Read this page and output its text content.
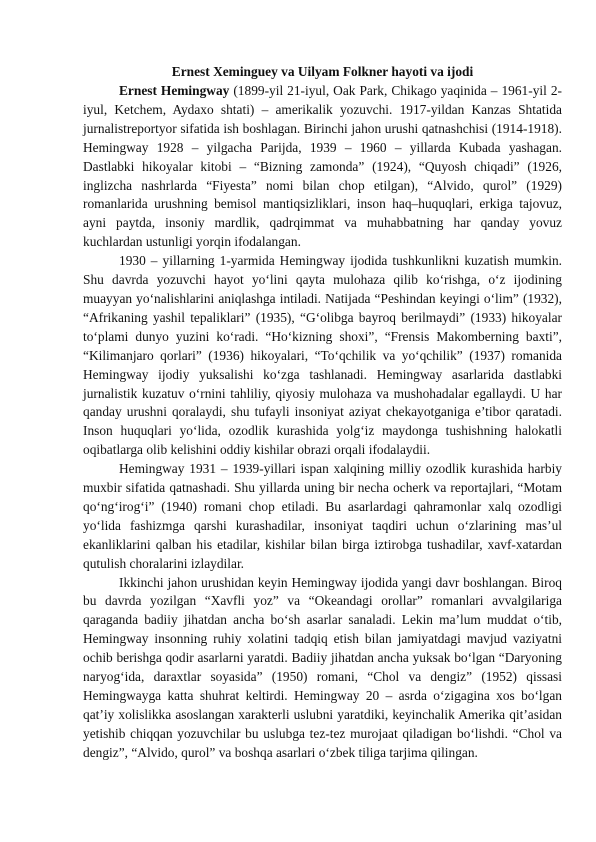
Ernest Xeminguey va Uilyam Folkner hayoti va ijodi

Ernest Hemingway (1899-yil 21-iyul, Oak Park, Chikago yaqinida – 1961-yil 2-iyul, Ketchem, Aydaxo shtati) – amerikalik yozuvchi. 1917-yildan Kanzas Shtatida jurnalistreportyor sifatida ish boshlagan. Birinchi jahon urushi qatnashchisi (1914-1918). Hemingway 1928 – yilgacha Parijda, 1939 – 1960 – yillarda Kubada yashagan. Dastlabki hikoyalar kitobi – “Bizning zamonda” (1924), “Quyosh chiqadi” (1926, inglizcha nashrlarda “Fiyesta” nomi bilan chop etilgan), “Alvido, qurol” (1929) romanlarida urushning bemisol mantiqsizliklari, inson haq–huquqlari, erkiga tajovuz, ayni paytda, insoniy mardlik, qadrqimmat va muhabbatning har qanday yovuz kuchlardan ustunligi yorqin ifodalangan.

1930 – yillarning 1-yarmida Hemingway ijodida tushkunlikni kuzatish mumkin. Shu davrda yozuvchi hayot yo‘lini qayta mulohaza qilib ko‘rishga, o‘z ijodining muayyan yo‘nalishlarini aniqlashga intiladi. Natijada “Peshindan keyingi o‘lim” (1932), “Afrikaning yashil tepaliklari” (1935), “G‘olibga bayroq berilmaydi” (1933) hikoyalar to‘plami dunyo yuzini ko‘radi. “Ho‘kizning shoxi”, “Frensis Makomberning baxti”, “Kilimanjaro qorlari” (1936) hikoyalari, “To‘qchilik va yo‘qchilik” (1937) romanida Hemingway ijodiy yuksalishi ko‘zga tashlanadi. Hemingway asarlarida dastlabki jurnalistik kuzatuv o‘rnini tahliliy, qiyosiy mulohaza va mushohadalar egallaydi. U har qanday urushni qoralaydi, shu tufayli insoniyat aziyat chekayotganiga e’tibor qaratadi. Inson huquqlari yo‘lida, ozodlik kurashida yolg‘iz maydonga tushishning halokatli oqibatlarga olib kelishini oddiy kishilar obrazi orqali ifodalaydii.

Hemingway 1931 – 1939-yillari ispan xalqining milliy ozodlik kurashida harbiy muxbir sifatida qatnashadi. Shu yillarda uning bir necha ocherk va reportajlari, “Motam qo‘ng‘irog‘i” (1940) romani chop etiladi. Bu asarlardagi qahramonlar xalq ozodligi yo‘lida fashizmga qarshi kurashadilar, insoniyat taqdiri uchun o‘zlarining mas’ul ekanliklarini qalban his etadilar, kishilar bilan birga iztirobga tushadilar, xavf-xatardan qutulish choralarini izlaydilar.

Ikkinchi jahon urushidan keyin Hemingway ijodida yangi davr boshlangan. Biroq bu davrda yozilgan “Xavfli yoz” va “Okeandagi orollar” romanlari avvalgilariga qaraganda badiiy jihatdan ancha bo‘sh asarlar sanaladi. Lekin ma’lum muddat o‘tib, Hemingway insonning ruhiy xolatini tadqiq etish bilan jamiyatdagi mavjud vaziyatni ochib berishga qodir asarlarni yaratdi. Badiiy jihatdan ancha yuksak bo‘lgan “Daryoning naryog‘ida, daraxtlar soyasida” (1950) romani, “Chol va dengiz” (1952) qissasi Hemingwayga katta shuhrat keltirdi. Hemingway 20 – asrda o‘zigagina xos bo‘lgan qat’iy xolislikka asoslangan xarakterli uslubni yaratdiki, keyinchalik Amerika qit’asidan yetishib chiqqan yozuvchilar bu uslubga tez-tez murojaat qiladigan bo‘lishdi. “Chol va dengiz”, “Alvido, qurol” va boshqa asarlari o‘zbek tiliga tarjima qilingan.
